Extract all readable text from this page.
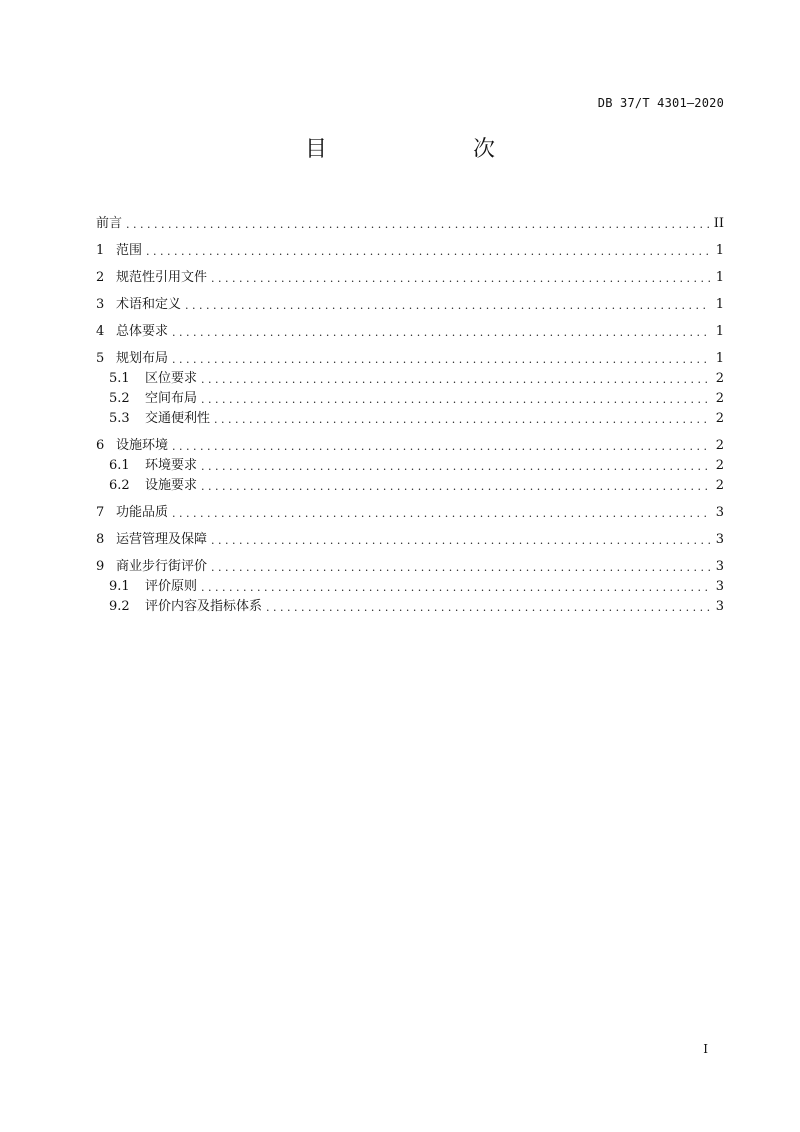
DB 37/T 4301—2020
目　　次
前言 . . .	II
1 范围 . . .	1
2 规范性引用文件 . . .	1
3 术语和定义 . . .	1
4 总体要求 . . .	1
5 规划布局 . . .	1
5.1	区位要求 . . .	2
5.2	空间布局 . . .	2
5.3	交通便利性 . . .	2
6 设施环境 . . .	2
6.1	环境要求 . . .	2
6.2	设施要求 . . .	2
7 功能品质 . . .	3
8 运营管理及保障 . . .	3
9 商业步行街评价 . . .	3
9.1	评价原则 . . .	3
9.2	评价内容及指标体系 . . .	3
I
